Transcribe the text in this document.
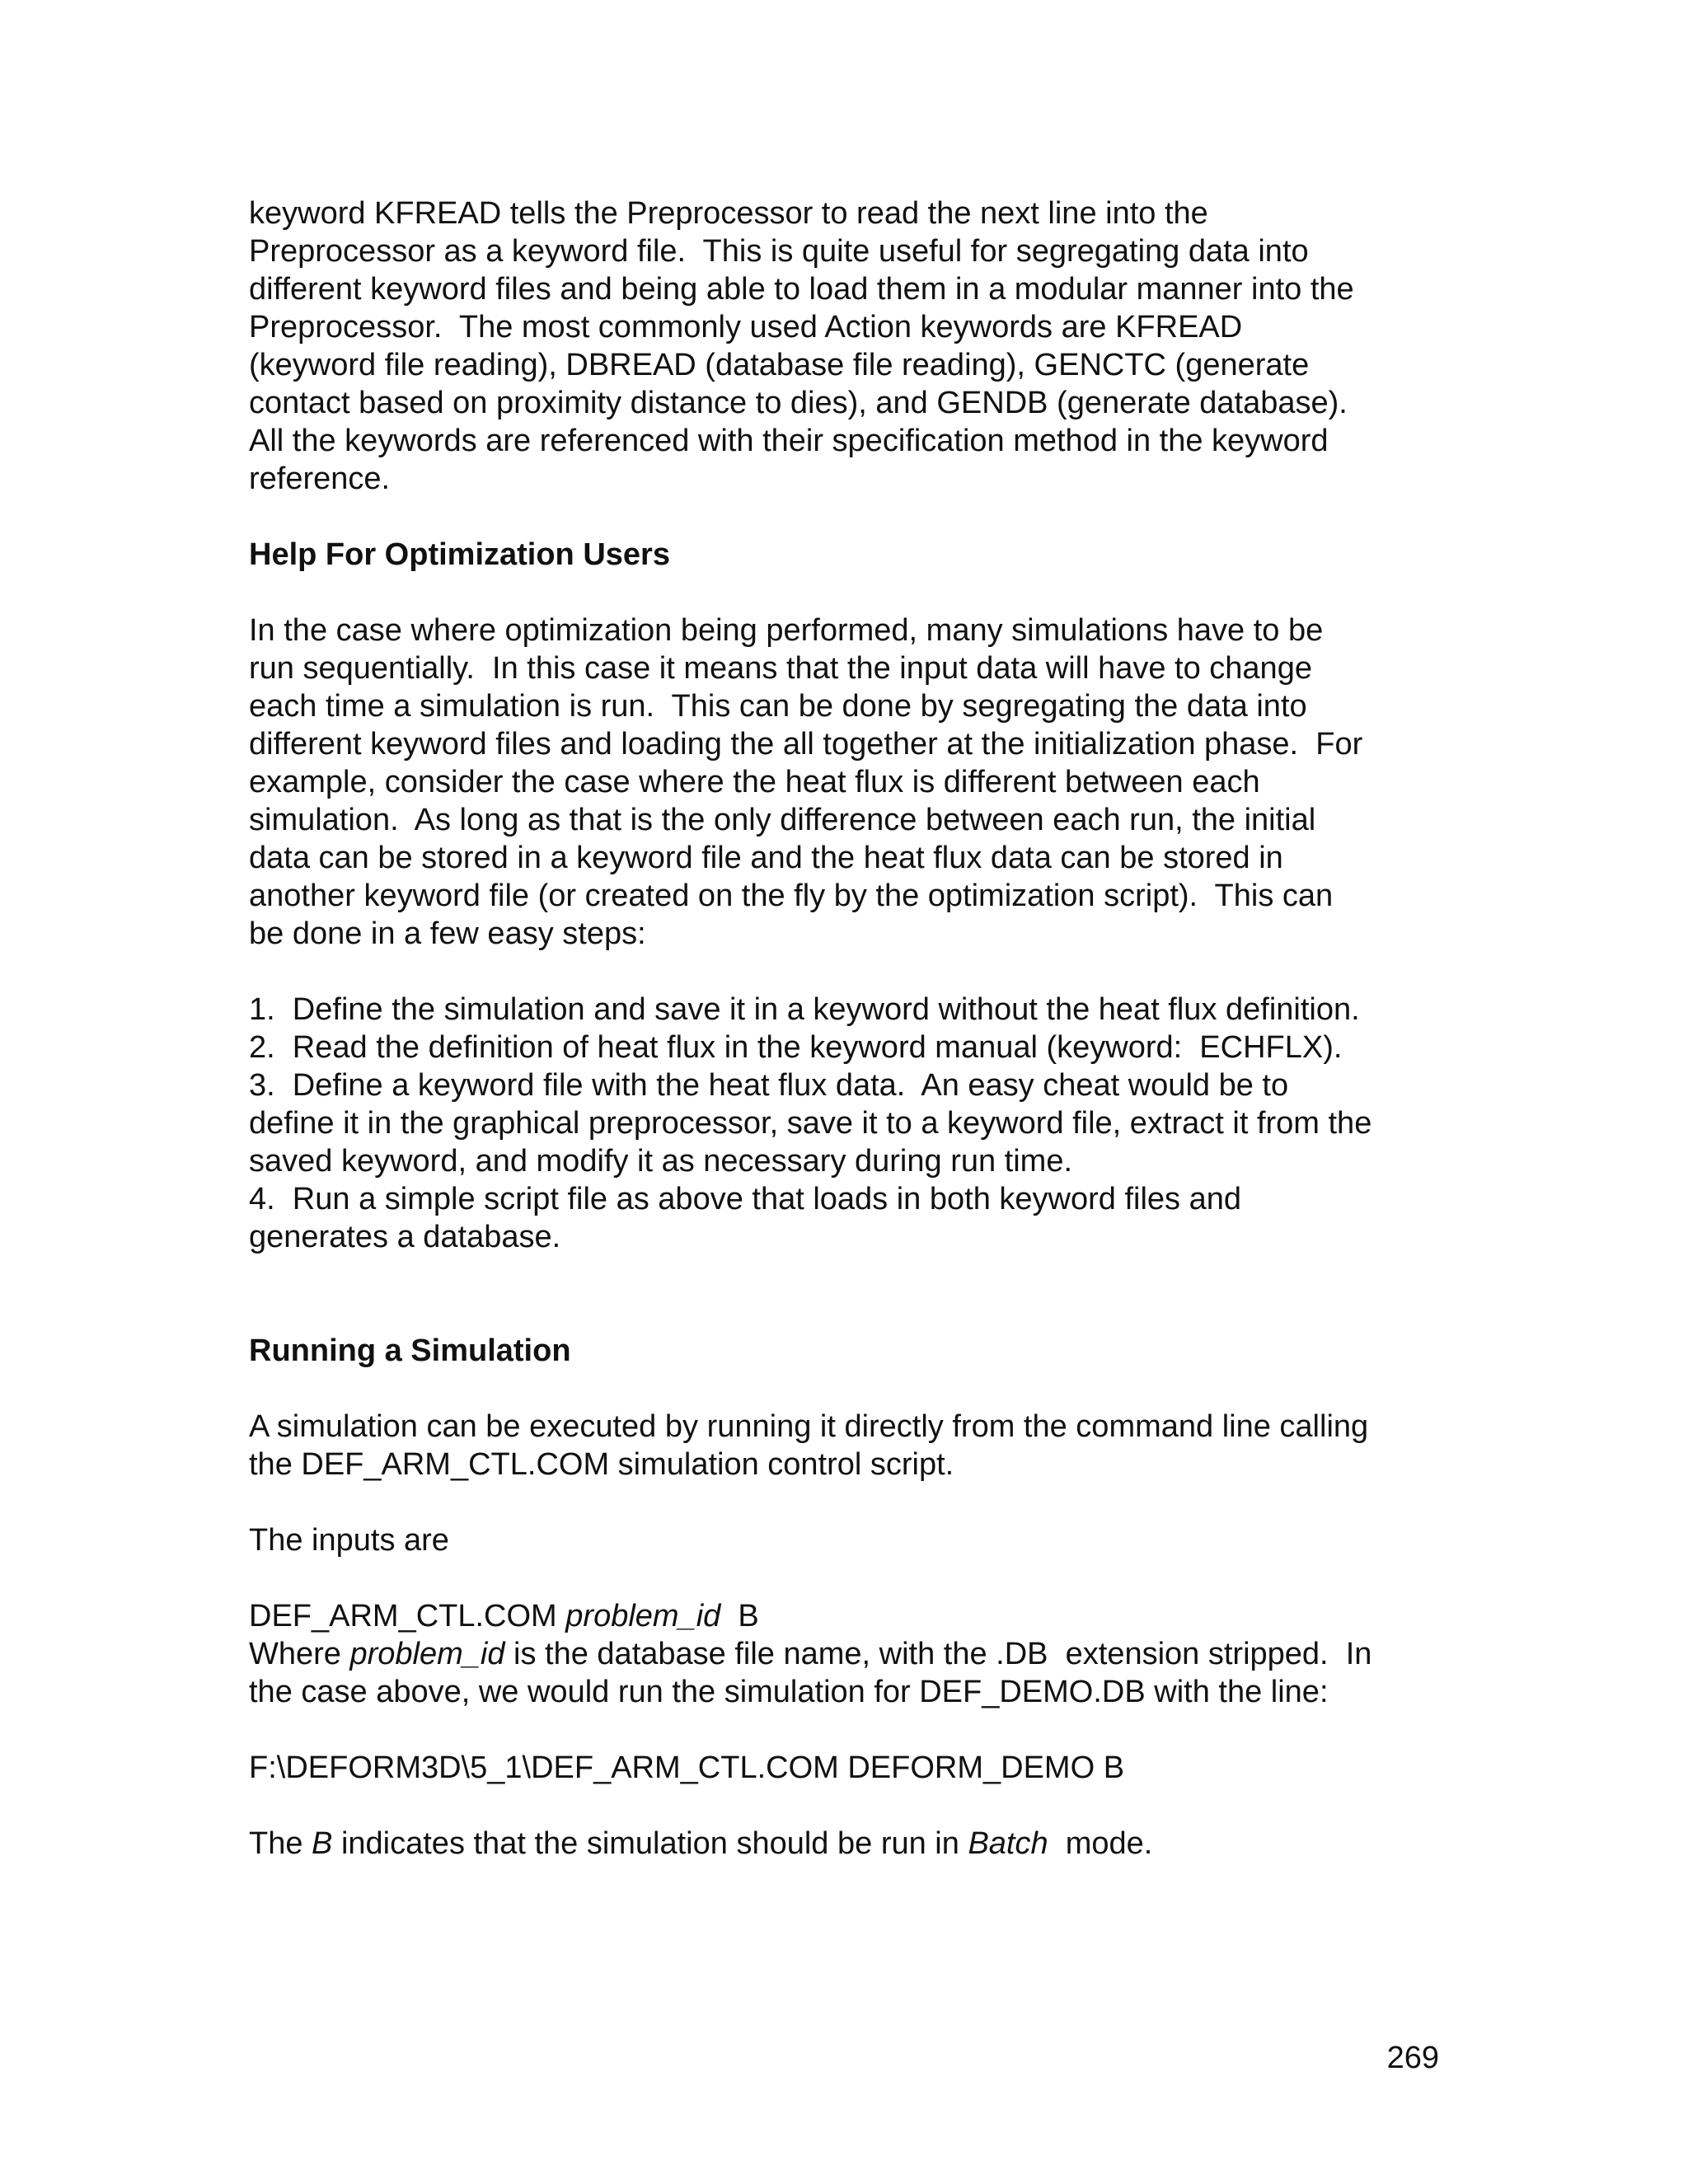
keyword KFREAD tells the Preprocessor to read the next line into the

Preprocessor as a keyword file.  This is quite useful for segregating data into

different keyword files and being able to load them in a modular manner into the

Preprocessor.  The most commonly used Action keywords are KFREAD

(keyword file reading), DBREAD (database file reading), GENCTC (generate

contact based on proximity distance to dies), and GENDB (generate database).

All the keywords are referenced with their specification method in the keyword

reference.

Help For Optimization Users

In the case where optimization being performed, many simulations have to be

run sequentially.  In this case it means that the input data will have to change

each time a simulation is run.  This can be done by segregating the data into

different keyword files and loading the all together at the initialization phase.  For

example, consider the case where the heat flux is different between each

simulation.  As long as that is the only difference between each run, the initial

data can be stored in a keyword file and the heat flux data can be stored in

another keyword file (or created on the fly by the optimization script).  This can

be done in a few easy steps:

1.  Define the simulation and save it in a keyword without the heat flux definition.

2.  Read the definition of heat flux in the keyword manual (keyword:  ECHFLX).

3.  Define a keyword file with the heat flux data.  An easy cheat would be to

define it in the graphical preprocessor, save it to a keyword file, extract it from the

saved keyword, and modify it as necessary during run time.

4.  Run a simple script file as above that loads in both keyword files and

generates a database.

Running a Simulation

A simulation can be executed by running it directly from the command line calling

the DEF_ARM_CTL.COM simulation control script.

The inputs are

DEF_ARM_CTL.COM problem_id  B

Where problem_id is the database file name, with the .DB  extension stripped.  In

the case above, we would run the simulation for DEF_DEMO.DB with the line:

F:\DEFORM3D\5_1\DEF_ARM_CTL.COM DEFORM_DEMO B

The B indicates that the simulation should be run in Batch  mode.

269
